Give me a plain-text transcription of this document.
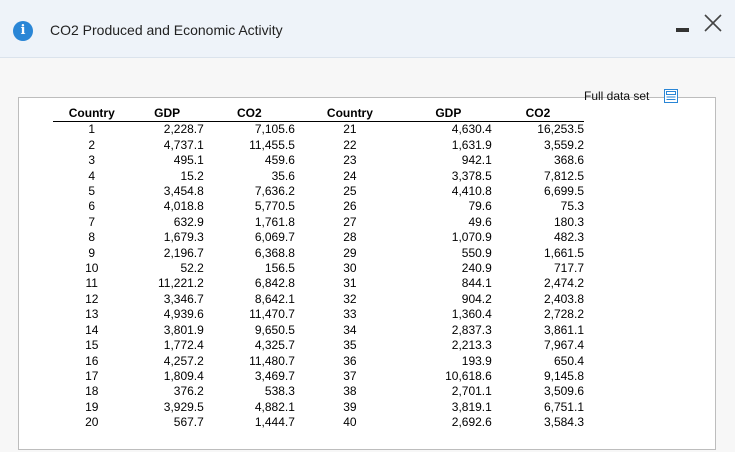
i	CO2 Produced and Economic Activity
Full data set
Country	GDP	CO2	Country	GDP	CO2
1	2,228.7	7,105.6	21	4,630.4	16,253.5
2	4,737.1	11,455.5	22	1,631.9	3,559.2
3	495.1	459.6	23	942.1	368.6
4	15.2	35.6	24	3,378.5	7,812.5
5	3,454.8	7,636.2	25	4,410.8	6,699.5
6	4,018.8	5,770.5	26	79.6	75.3
7	632.9	1,761.8	27	49.6	180.3
8	1,679.3	6,069.7	28	1,070.9	482.3
9	2,196.7	6,368.8	29	550.9	1,661.5
10	52.2	156.5	30	240.9	717.7
11	11,221.2	6,842.8	31	844.1	2,474.2
12	3,346.7	8,642.1	32	904.2	2,403.8
13	4,939.6	11,470.7	33	1,360.4	2,728.2
14	3,801.9	9,650.5	34	2,837.3	3,861.1
15	1,772.4	4,325.7	35	2,213.3	7,967.4
16	4,257.2	11,480.7	36	193.9	650.4
17	1,809.4	3,469.7	37	10,618.6	9,145.8
18	376.2	538.3	38	2,701.1	3,509.6
19	3,929.5	4,882.1	39	3,819.1	6,751.1
20	567.7	1,444.7	40	2,692.6	3,584.3
